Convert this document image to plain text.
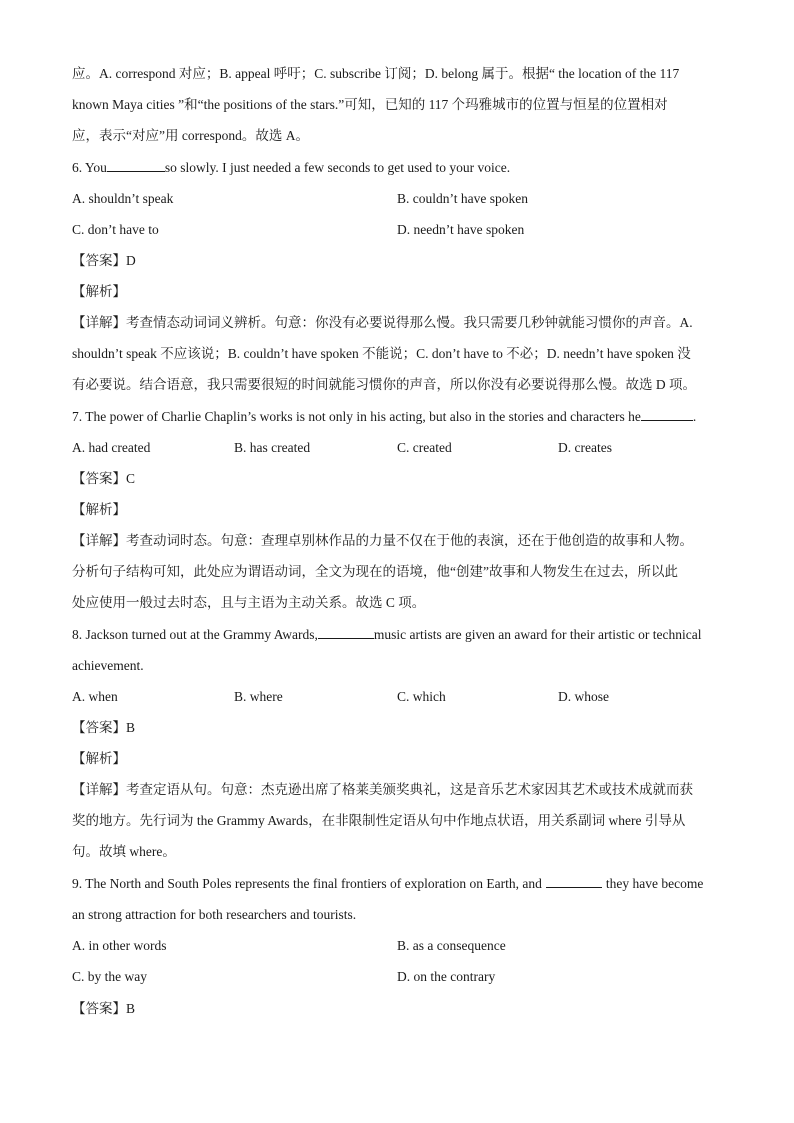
应。A. correspond 对应；B. appeal 呼吁；C. subscribe 订阅；D. belong 属于。根据“ the location of the 117
known Maya cities ”和“the positions of the stars.”可知，已知的 117 个玛雅城市的位置与恒星的位置相对
应，表示“对应”用 correspond。故选 A。
6. You	so slowly. I just needed a few seconds to get used to your voice.
A. shouldn’t speak	B. couldn’t have spoken
C. don’t have to	D. needn’t have spoken
【答案】D
【解析】
【详解】考查情态动词词义辨析。句意：你没有必要说得那么慢。我只需要几秒钟就能习惯你的声音。A.
shouldn’t speak 不应该说；B. couldn’t have spoken 不能说；C. don’t have to 不必；D. needn’t have spoken 没
有必要说。结合语意，我只需要很短的时间就能习惯你的声音，所以你没有必要说得那么慢。故选 D 项。
7. The power of Charlie Chaplin’s works is not only in his acting, but also in the stories and characters he	.
A. had created	B. has created	C. created	D. creates
【答案】C
【解析】
【详解】考查动词时态。句意：查理卓别林作品的力量不仅在于他的表演，还在于他创造的故事和人物。
分析句子结构可知，此处应为谓语动词，全文为现在的语境，他“创建”故事和人物发生在过去，所以此
处应使用一般过去时态，且与主语为主动关系。故选 C 项。
8. Jackson turned out at the Grammy Awards,	music artists are given an award for their artistic or technical
achievement.
A. when	B. where	C. which	D. whose
【答案】B
【解析】
【详解】考查定语从句。句意：杰克逊出席了格莱美颁奖典礼，这是音乐艺术家因其艺术或技术成就而获
奖的地方。先行词为 the Grammy Awards，在非限制性定语从句中作地点状语，用关系副词 where 引导从
句。故填 where。
9. The North and South Poles represents the final frontiers of exploration on Earth, and	they have become
an strong attraction for both researchers and tourists.
A. in other words	B. as a consequence
C. by the way	D. on the contrary
【答案】B
